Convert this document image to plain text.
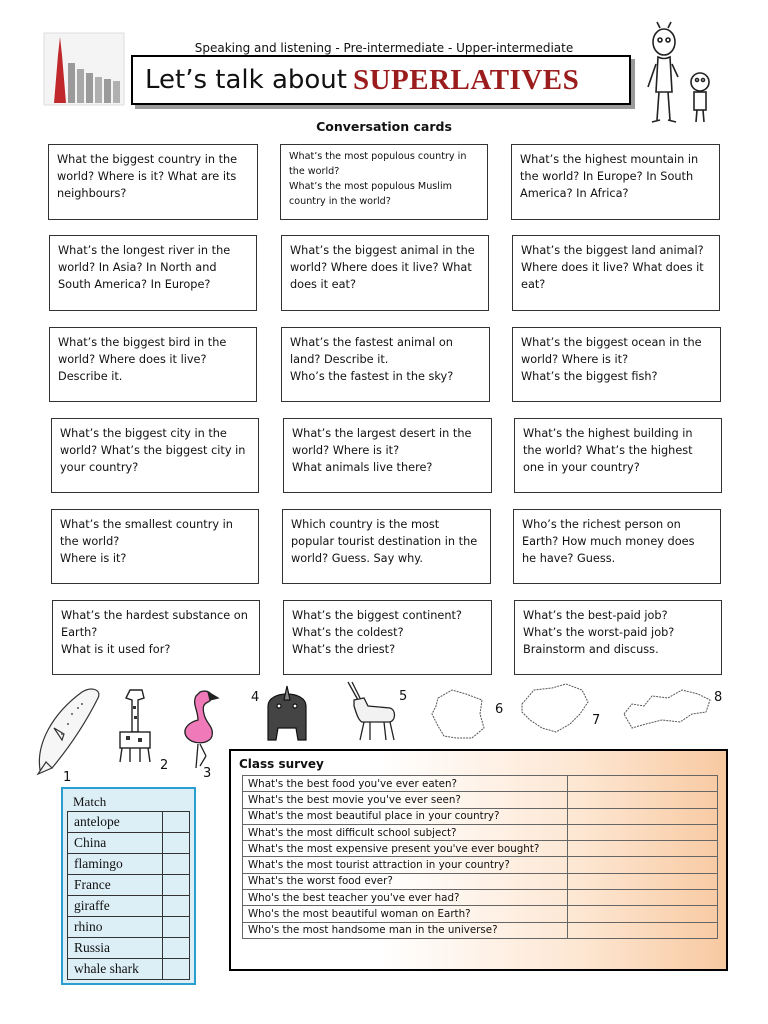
Speaking and listening - Pre-intermediate - Upper-intermediate
Let’s talk about SUPERLATIVES
Conversation cards
What the biggest country in the world? Where is it? What are its neighbours?
What’s the most populous country in the world?
What’s the most populous Muslim country in the world?
What’s the highest mountain in the world? In Europe? In South America? In Africa?
What’s the longest river in the world? In Asia? In North and South America? In Europe?
What’s the biggest animal in the world? Where does it live? What does it eat?
What’s the biggest land animal? Where does it live? What does it eat?
What’s the biggest bird in the world? Where does it live? Describe it.
What’s the fastest animal on land? Describe it.
Who’s the fastest in the sky?
What’s the biggest ocean in the world? Where is it?
What’s the biggest fish?
What’s the biggest city in the world? What’s the biggest city in your country?
What’s the largest desert in the world? Where is it?
What animals live there?
What’s the highest building in the world? What’s the highest one in your country?
What’s the smallest country in the world?
Where is it?
Which country is the most popular tourist destination in the world? Guess. Say why.
Who’s the richest person on Earth? How much money does he have? Guess.
What’s the hardest substance on Earth?
What is it used for?
What’s the biggest continent?
What’s the coldest?
What’s the driest?
What’s the best-paid job?
What’s the worst-paid job?
Brainstorm and discuss.
1
2
3
4	5
6
7
8
Match
antelope
China
flamingo
France
giraffe
rhino
Russia
whale shark
Class survey
What's the best food you've ever eaten?	
What's the best movie you've ever seen?	
What's the most beautiful place in your country?	
What's the most difficult school subject?	
What's the most expensive present you've ever bought?	
What's the most tourist attraction in your country?	
What's the worst food ever?	
Who's the best teacher you've ever had?	
Who's the most beautiful woman on Earth?	
Who's the most handsome man in the universe?	
